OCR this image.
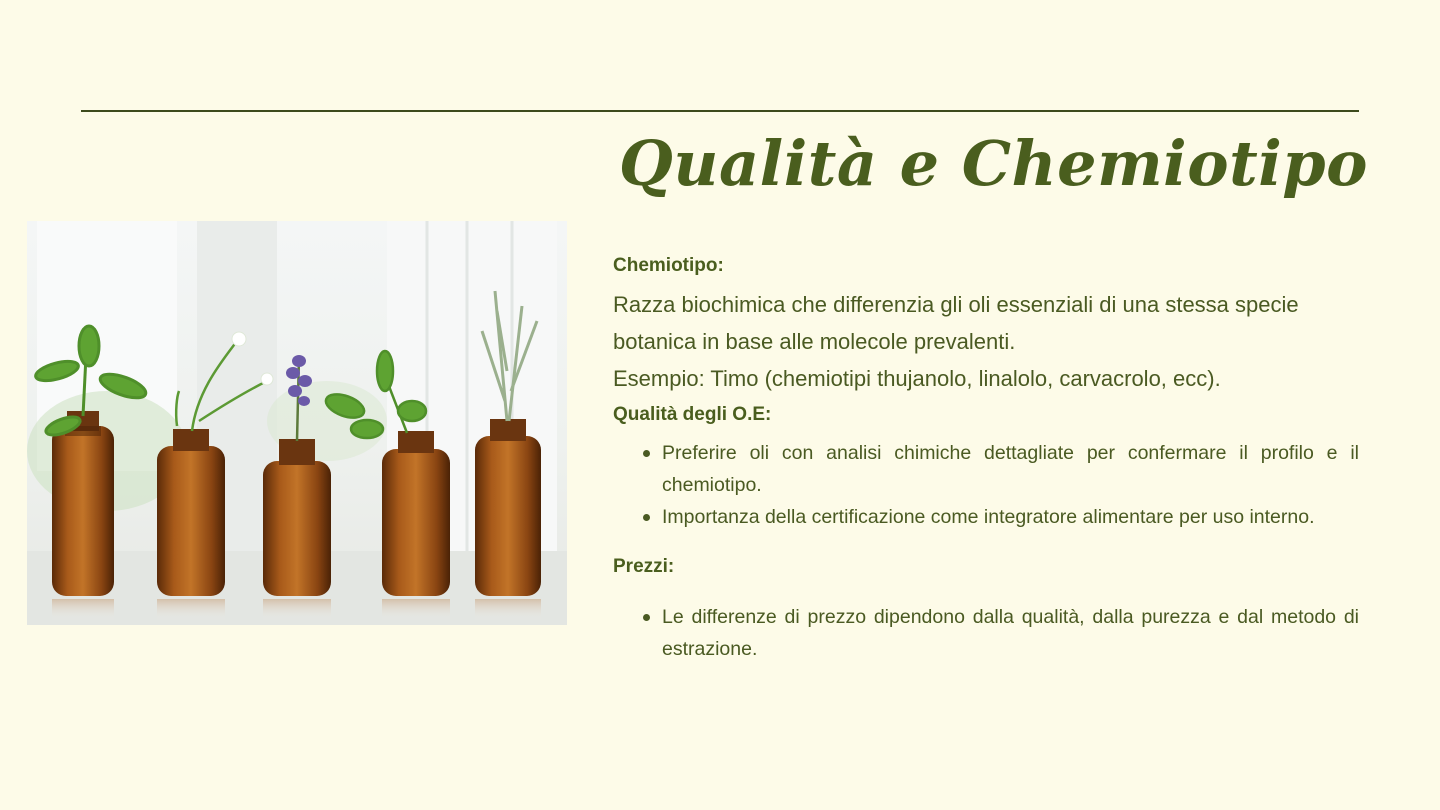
Qualità e Chemiotipo
Chemiotipo:

Razza biochimica che differenzia gli oli essenziali di una stessa specie botanica in base alle molecole prevalenti.
Esempio: Timo (chemiotipi thujanolo, linalolo, carvacrolo, ecc).

Qualità degli O.E:
Preferire oli con analisi chimiche dettagliate per confermare il profilo e il chemiotipo.
Importanza della certificazione come integratore alimentare per uso interno.
Prezzi:
Le differenze di prezzo dipendono dalla qualità, dalla purezza e dal metodo di estrazione.
